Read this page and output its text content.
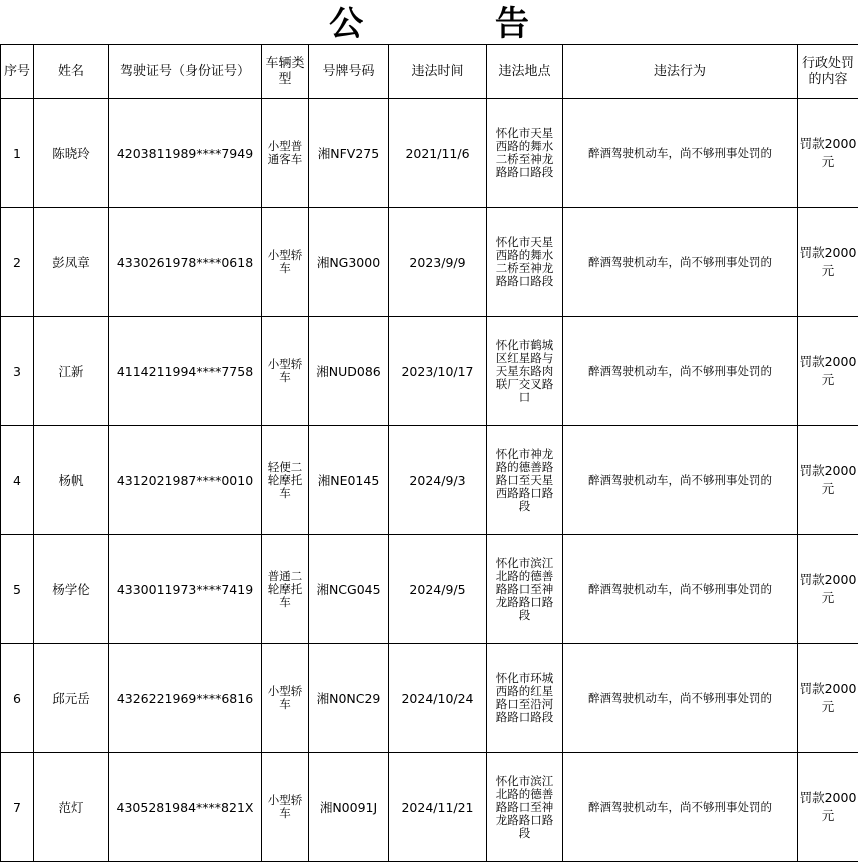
公 告
序号	姓名	驾驶证号（身份证号）	车辆类型	号牌号码	违法时间	违法地点	违法行为	行政处罚的内容
1	陈晓玲	4203811989****7949	小型普通客车	湘NFV275	2021/11/6	怀化市天星西路的舞水二桥至神龙路路口路段	醉酒驾驶机动车，尚不够刑事处罚的	罚款2000元
2	彭凤章	4330261978****0618	小型轿车	湘NG3000	2023/9/9	怀化市天星西路的舞水二桥至神龙路路口路段	醉酒驾驶机动车，尚不够刑事处罚的	罚款2000元
3	江新	4114211994****7758	小型轿车	湘NUD086	2023/10/17	怀化市鹤城区红星路与天星东路肉联厂交叉路口	醉酒驾驶机动车，尚不够刑事处罚的	罚款2000元
4	杨帆	4312021987****0010	轻便二轮摩托车	湘NE0145	2024/9/3	怀化市神龙路的德善路路口至天星西路路口路段	醉酒驾驶机动车，尚不够刑事处罚的	罚款2000元
5	杨学伦	4330011973****7419	普通二轮摩托车	湘NCG045	2024/9/5	怀化市滨江北路的德善路路口至神龙路路口路段	醉酒驾驶机动车，尚不够刑事处罚的	罚款2000元
6	邱元岳	4326221969****6816	小型轿车	湘N0NC29	2024/10/24	怀化市环城西路的红星路口至沿河路路口路段	醉酒驾驶机动车，尚不够刑事处罚的	罚款2000元
7	范灯	4305281984****821X	小型轿车	湘N0091J	2024/11/21	怀化市滨江北路的德善路路口至神龙路路口路段	醉酒驾驶机动车，尚不够刑事处罚的	罚款2000元
